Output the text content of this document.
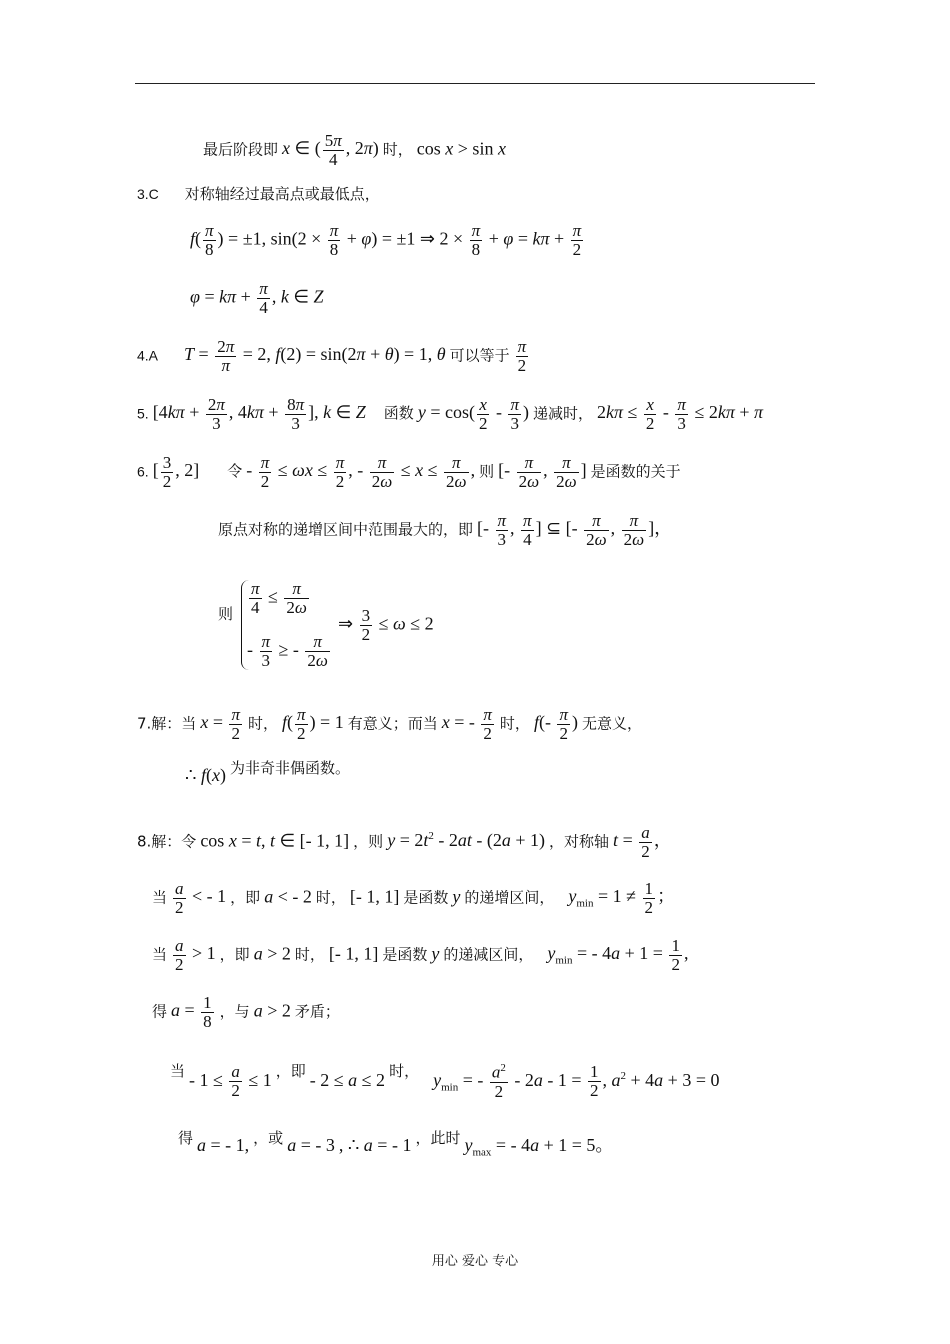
最后阶段即 x ∈ ( $\frac{5\pi}{4}$ , 2π) 时， cos x > sin x
3.C 对称轴经过最高点或最低点，
$f( \frac{\pi}{8}$ ) = ±1, $\sin(2 \times \frac{\pi}{8} + \varphi) = \pm 1$ ⇒ $2 \times \frac{\pi}{8} + \varphi = k\pi + \frac{\pi}{2}$
$\varphi = k\pi + \frac{\pi}{4}$ , k ∈ Z
4.A $T = \frac{2\pi}{\pi} = 2$, f(2) = sin(2π + θ) = 1, θ 可以等于 $\frac{\pi}{2}$
5. [$4k\pi + \frac{2\pi}{3}$ , $4k\pi + \frac{8\pi}{3}$ ], k ∈ Z 函数 $y = \cos( \frac{x}{2} - \frac{\pi}{3}$ ) 递减时， $2k\pi \le \frac{x}{2} - \frac{\pi}{3} \le 2k\pi + \pi$
6. [ $\frac{3}{2}$ , 2] 令 - $\frac{\pi}{2} \le \omega x \le \frac{\pi}{2}$ , - $\frac{\pi}{2\omega} \le x \le \frac{\pi}{2\omega}$ , 则 [- $\frac{\pi}{2\omega}$ , $\frac{\pi}{2\omega}$ ] 是函数的关于
原点对称的递增区间中范围最大的，即 [- $\frac{\pi}{3}$ , $\frac{\pi}{4}$ ] ⊆ [- $\frac{\pi}{2\omega}$ , $\frac{\pi}{2\omega}$ ]，
则 $\frac{\pi}{4} \le \frac{\pi}{2\omega}$
- $\frac{\pi}{3}$ ≥ - $\frac{\pi}{2\omega}$
⇒ $\frac{3}{2} \le \omega \le 2$
7.解：当 $x = \frac{\pi}{2}$ 时， $f( \frac{\pi}{2}$ ) = 1 有意义；而当 x = - $\frac{\pi}{2}$ 时， $f(- \frac{\pi}{2}$ ) 无意义，
∴ f(x) 为非奇非偶函数。
8.解：令 cos x = t, t ∈ [- 1, 1] ，则 $y = 2t^2 - 2at - (2a + 1)$ ，对称轴 $t = \frac{a}{2}$ ，
当 $\frac{a}{2}$ < - 1 ，即 a < - 2 时， [- 1, 1] 是函数 y 的递增区间， $y_{min} = 1 \ne \frac{1}{2}$ ；
当 $\frac{a}{2} > 1$ ，即 a > 2 时， [- 1, 1] 是函数 y 的递减区间， $y_{min}$ = - $4a + 1 = \frac{1}{2}$ ,
得 $a = \frac{1}{8}$ ，与 a > 2 矛盾；
当 - $1 \le \frac{a}{2} \le 1$ ，即 - 2 ≤ a ≤ 2 时， $y_{min}$ = - $\frac{a^2}{2} - 2a - 1 = \frac{1}{2}$ , $a^2 + 4a + 3 = 0$
得 a = - 1, ，或 a = - 3 , ∴ a = - 1 ，此时 $y_{max}$ = - 4a + 1 = 5。
用心 爱心 专心
